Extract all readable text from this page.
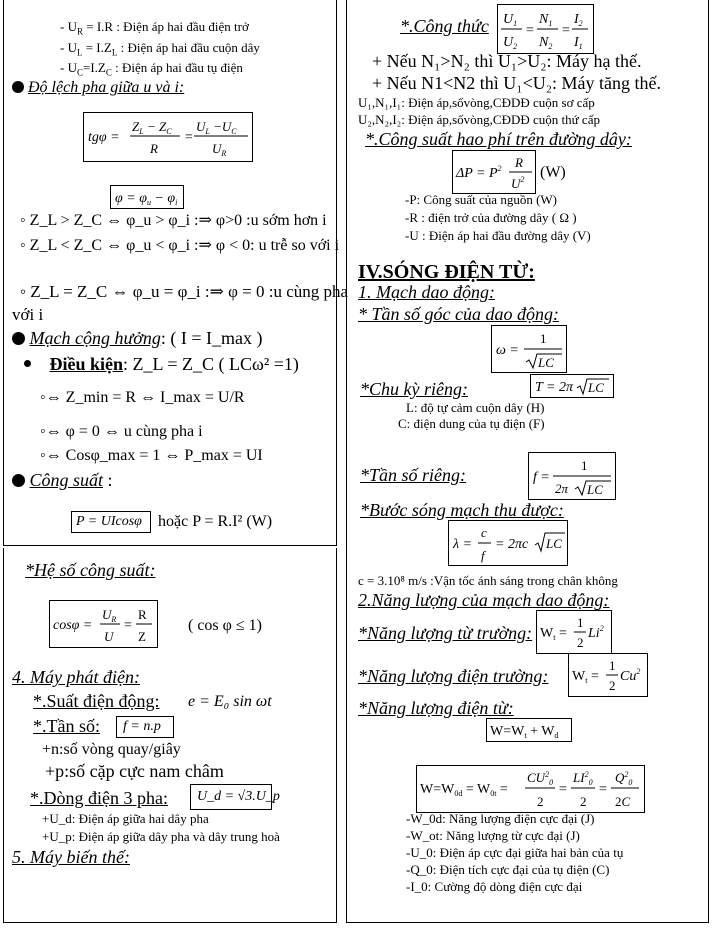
- $U_R = I.R$ : Điện áp hai đầu điện trở
- $U_L = I.Z_L$ : Điện áp hai đầu cuộn dây
- $U_C=I.Z_C$ : Điện áp hai đầu tụ điện
Độ lệch pha giữa u và i:
tgφ =
$Z_L - Z_C$
R
=
$U_L -U_C$
$U_R$
$\varphi = \varphi_u - \varphi_i$
◦ Z_L > Z_C ⇔ φ_u > φ_i :⇒ φ>0 :u sớm hơn i
◦ Z_L < Z_C ⇔ φ_u < φ_i :⇒ φ < 0: u trễ so với i
◦ Z_L = Z_C ⇔ φ_u = φ_i :⇒ φ = 0 :u cùng pha
với i
Mạch cộng hưởng: ( I = I_max )
Điều kiện: Z_L = Z_C ( LCω² =1)
◦⇔ Z_min = R ⇔ I_max = U/R
◦⇔ φ = 0 ⇔ u cùng pha i
◦⇔ Cosφ_max = 1 ⇔ P_max = UI
Công suất :
P = UIcosφ hoặc P = R.I² (W)
*Hệ số công suất:
cosφ =
$U_R$
U
=
R
Z
( cos φ ≤ 1)
4. Máy phát điện:
*.Suất điện động: e = E₀ sin ωt
*.Tần số: f = n.p
+n:số vòng quay/giây
+p:số cặp cực nam châm
*.Dòng điện 3 pha: U_d = √3.U_p
+U_d: Điện áp giữa hai dây pha
+U_p: Điện áp giữa dây pha và dây trung hoà
5. Máy biến thế:
*.Công thức $U_1$
$U_2$
=
$N_1$
$N_2$
=
$I_2$
$I_1$
+ Nếu N₁>N₂ thì U₁>U₂: Máy hạ thế.
+ Nếu N1<N2 thì U₁<U₂: Máy tăng thế.
U₁,N₁,I₁: Điện áp,sốvòng,CĐDĐ cuộn sơ cấp
U₂,N₂,I₂: Điện áp,sốvòng,CĐDĐ cuộn thứ cấp
*.Công suất hao phí trên đường dây:
$\Delta P = P^2$ R
$U^2$ (W)
-P: Công suất của nguồn (W)
-R : điện trở của đường dây ( Ω )
-U : Điện áp hai đầu đường dây (V)
IV.SÓNG ĐIỆN TỪ:
1. Mạch dao động:
* Tần số góc của dao động:
ω =
1
LC
*Chu kỳ riêng:	T = 2π LC
L: độ tự cảm cuộn dây (H)
C: điện dung của tụ điện (F)
*Tần số riêng:	f =
1
2π LC
*Bước sóng mạch thu được:
λ =
c
f
= 2πc LC
c = 3.10⁸ m/s :Vận tốc ánh sáng trong chân không
2.Năng lượng của mạch dao động:
*Năng lượng từ trường: $W_t$ =
1
2
Li$^2$
*Năng lượng điện trường: $W_t$ =
1
2
Cu$^2$
*Năng lượng điện từ:
$W=W_t + W_d$
$W=W_{0d} = W_{0t}$ =
$CU^2_0$
2
=
$LI^2_0$
2
=
$Q^2_0$
2C
-W_0d: Năng lượng điện cực đại (J)
-W_ot: Năng lượng từ cực đại (J)
-U_0: Điện áp cực đại giữa hai bản của tụ
-Q_0: Điện tích cực đại của tụ điện (C)
-I_0: Cường độ dòng điện cực đại
